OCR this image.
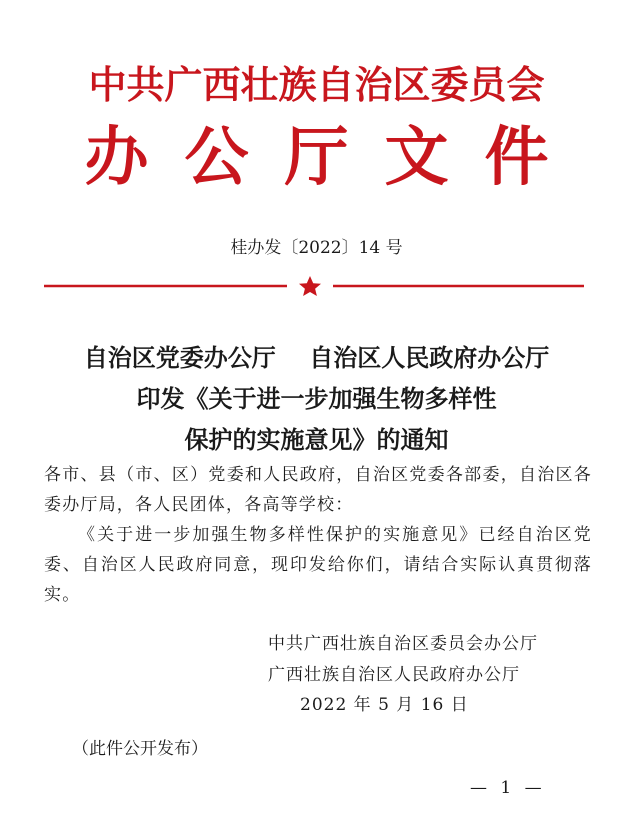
中共广西壮族自治区委员会
办公厅文件
桂办发〔2022〕14 号
自治区党委办公厅    自治区人民政府办公厅
印发《关于进一步加强生物多样性
保护的实施意见》的通知

各市、县（市、区）党委和人民政府，自治区党委各部委，自治区各委办厅局，各人民团体，各高等学校：

《关于进一步加强生物多样性保护的实施意见》已经自治区党委、自治区人民政府同意，现印发给你们，请结合实际认真贯彻落实。

中共广西壮族自治区委员会办公厅
广西壮族自治区人民政府办公厅
2022 年 5 月 16 日
（此件公开发布）
— 1 —
